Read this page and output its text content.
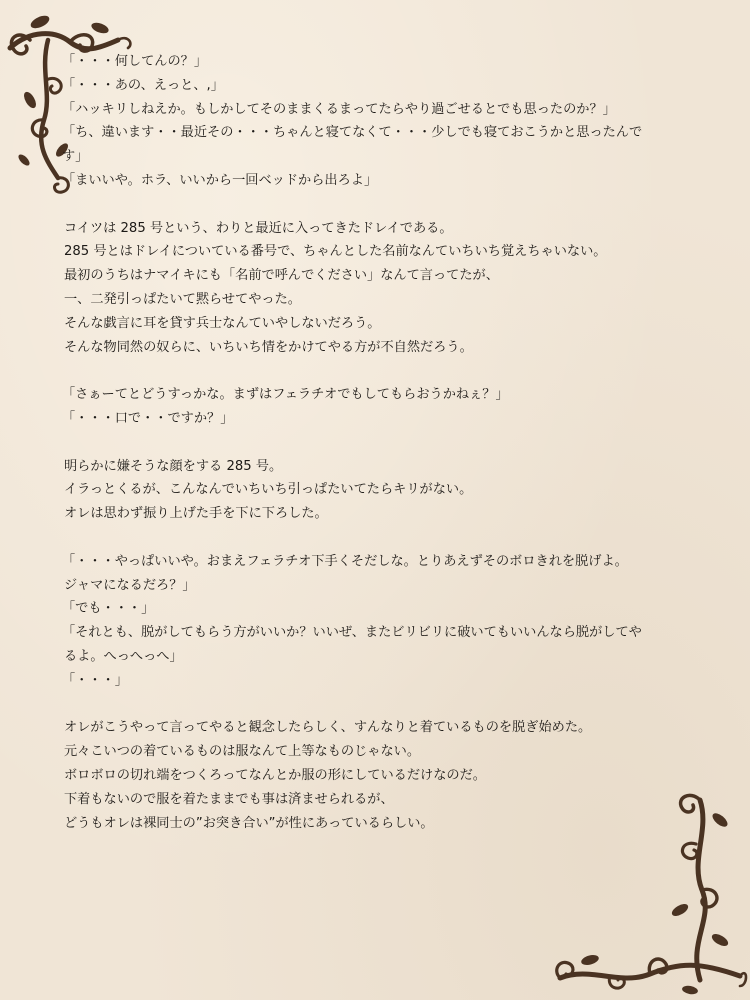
「・・・何してんの？」
「・・・あの、えっと、,」
「ハッキリしねえか。もしかしてそのままくるまってたらやり過ごせるとでも思ったのか？」
「ち、違います・・最近その・・・ちゃんと寝てなくて・・・少しでも寝ておこうかと思ったんで
す」
「まいいや。ホラ、いいから一回ベッドから出ろよ」
コイツは 285 号という、わりと最近に入ってきたドレイである。
285 号とはドレイについている番号で、ちゃんとした名前なんていちいち覚えちゃいない。
最初のうちはナマイキにも「名前で呼んでください」なんて言ってたが、
一、二発引っぱたいて黙らせてやった。
そんな戯言に耳を貸す兵士なんていやしないだろう。
そんな物同然の奴らに、いちいち情をかけてやる方が不自然だろう。
「さぁーてとどうすっかな。まずはフェラチオでもしてもらおうかねぇ？」
「・・・口で・・ですか？」
明らかに嫌そうな顔をする 285 号。
イラっとくるが、こんなんでいちいち引っぱたいてたらキリがない。
オレは思わず振り上げた手を下に下ろした。
「・・・やっぱいいや。おまえフェラチオ下手くそだしな。とりあえずそのボロきれを脱げよ。
ジャマになるだろ？」
「でも・・・」
「それとも、脱がしてもらう方がいいか？いいぜ、またビリビリに破いてもいいんなら脱がしてや
るよ。へっへっへ」
「・・・」
オレがこうやって言ってやると観念したらしく、すんなりと着ているものを脱ぎ始めた。
元々こいつの着ているものは服なんて上等なものじゃない。
ボロボロの切れ端をつくろってなんとか服の形にしているだけなのだ。
下着もないので服を着たままでも事は済ませられるが、
どうもオレは裸同士の”お突き合い”が性にあっているらしい。
